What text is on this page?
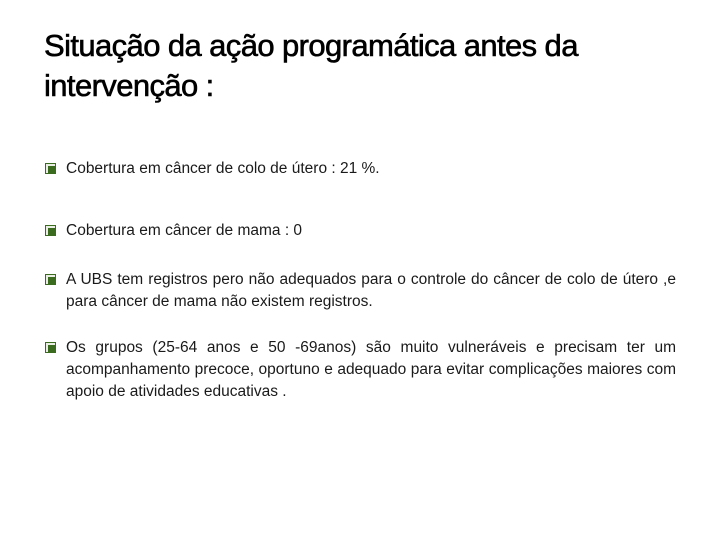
Situação da ação programática antes da intervenção :
Cobertura em câncer de colo de útero : 21 %.
Cobertura em câncer de mama : 0
A UBS tem registros pero não adequados para o controle do câncer de colo de útero ,e para câncer de mama não existem registros.
Os grupos (25-64 anos e 50 -69anos) são muito vulneráveis e precisam ter um acompanhamento precoce, oportuno e adequado para evitar complicações maiores com apoio de atividades educativas .
